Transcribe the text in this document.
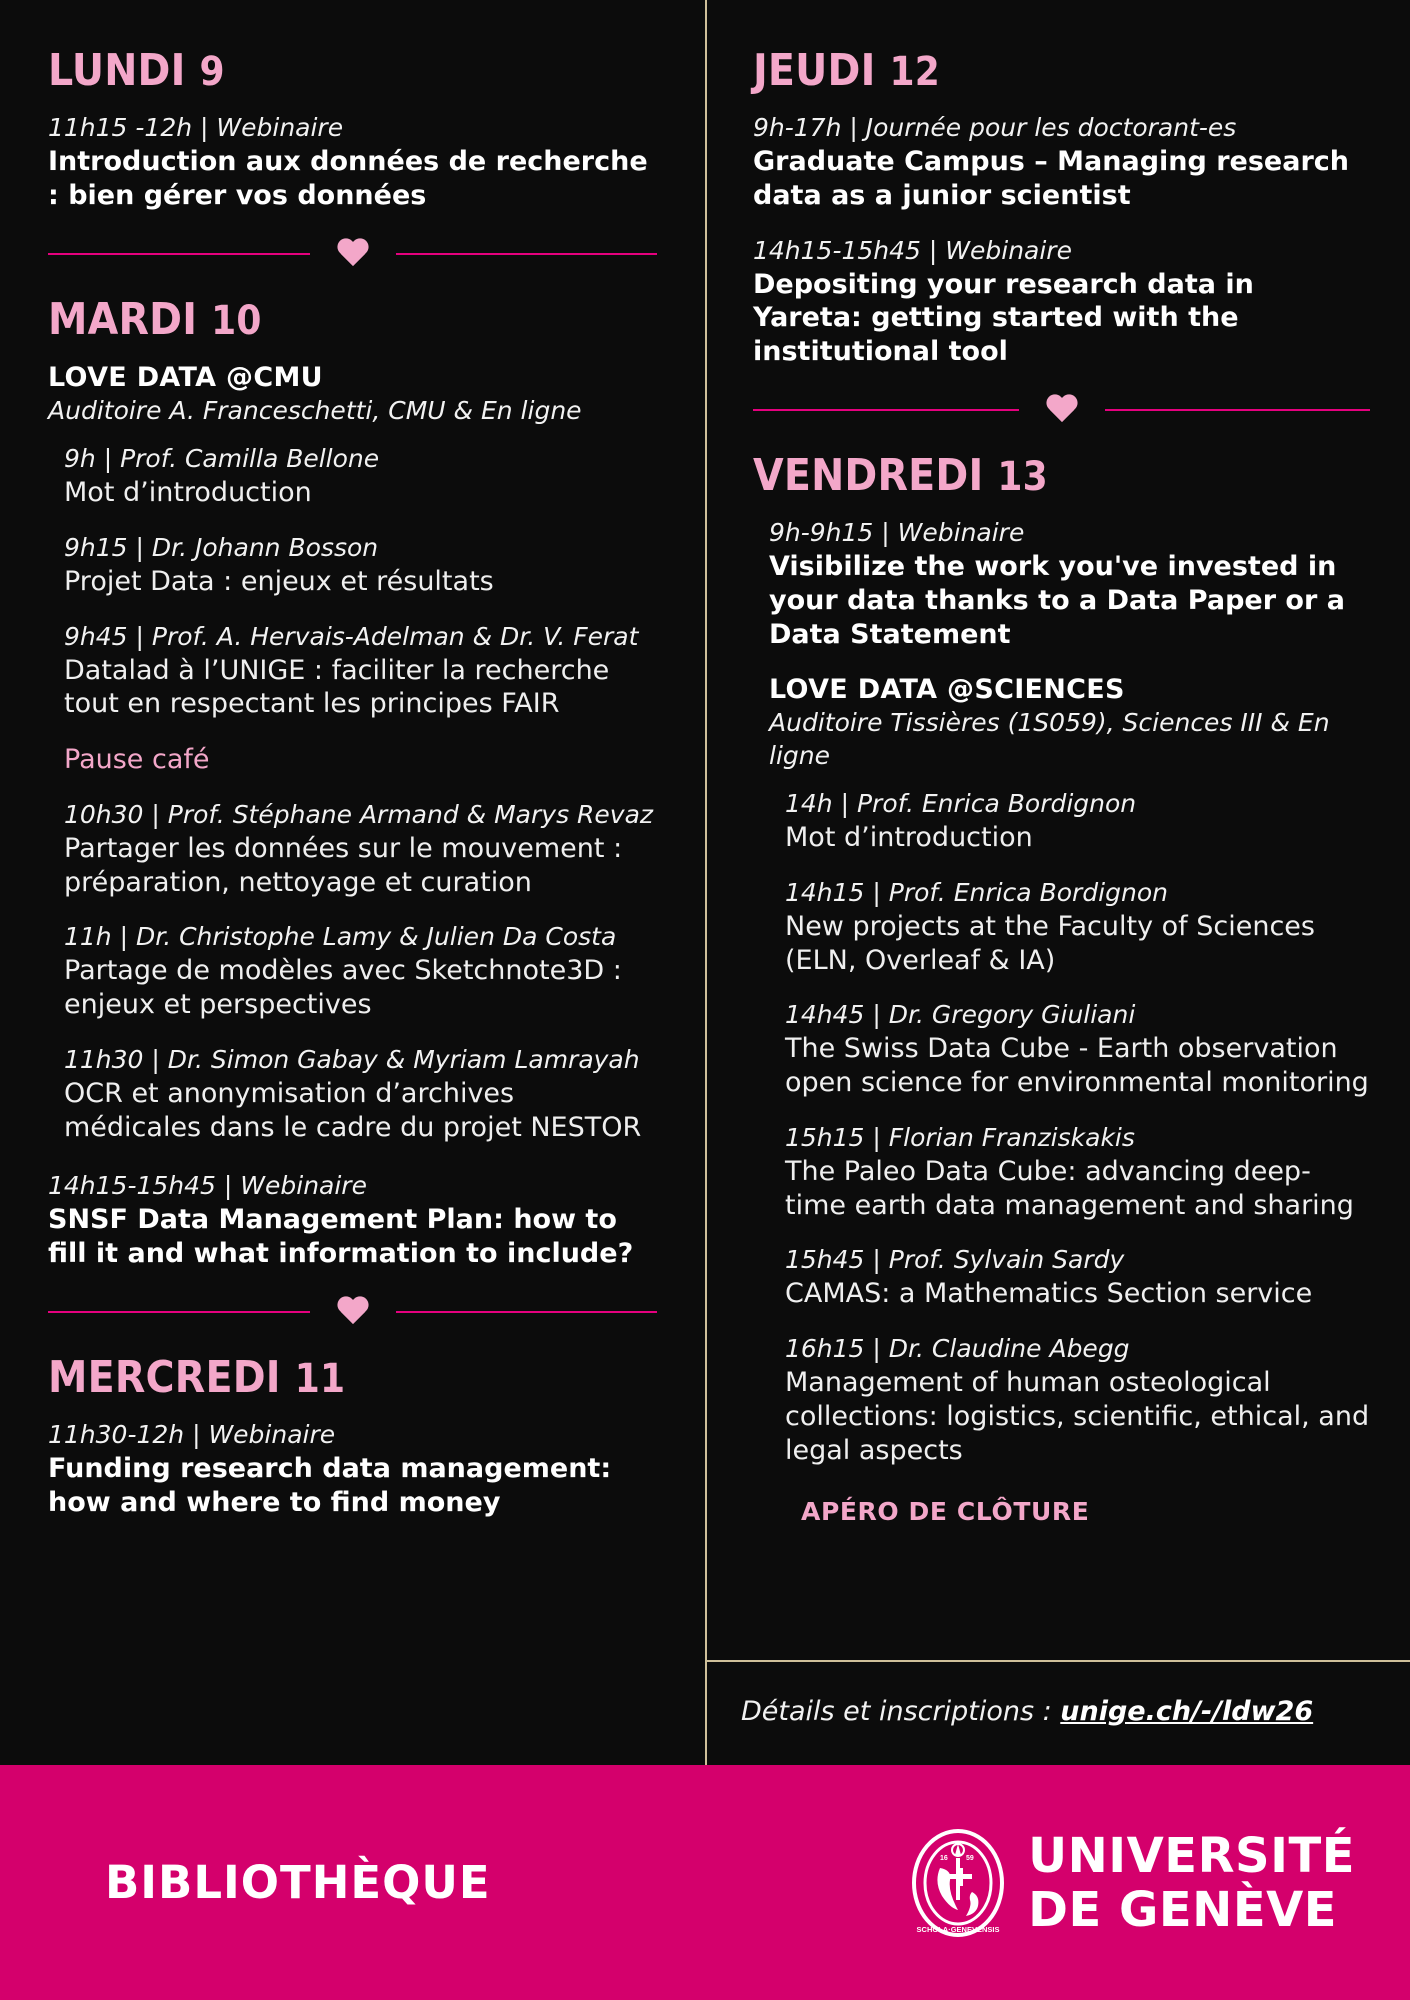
LUNDI 9
11h15 -12h | Webinaire
Introduction aux données de recherche : bien gérer vos données
MARDI 10
LOVE DATA @CMU
Auditoire A. Franceschetti, CMU & En ligne
9h | Prof. Camilla Bellone
Mot d’introduction
9h15 | Dr. Johann Bosson
Projet Data : enjeux et résultats
9h45 | Prof. A. Hervais-Adelman & Dr. V. Ferat
Datalad à l’UNIGE : faciliter la recherche tout en respectant les principes FAIR
Pause café
10h30 | Prof. Stéphane Armand & Marys Revaz
Partager les données sur le mouvement : préparation, nettoyage et curation
11h | Dr. Christophe Lamy & Julien Da Costa
Partage de modèles avec Sketchnote3D : enjeux et perspectives
11h30 | Dr. Simon Gabay & Myriam Lamrayah
OCR et anonymisation d’archives médicales dans le cadre du projet NESTOR
14h15-15h45 | Webinaire
SNSF Data Management Plan: how to fill it and what information to include?
MERCREDI 11
11h30-12h | Webinaire
Funding research data management: how and where to find money
JEUDI 12
9h-17h | Journée pour les doctorant-es
Graduate Campus – Managing research data as a junior scientist
14h15-15h45 | Webinaire
Depositing your research data in Yareta: getting started with the institutional tool
VENDREDI 13
9h-9h15 | Webinaire
Visibilize the work you've invested in your data thanks to a Data Paper or a Data Statement
LOVE DATA @SCIENCES
Auditoire Tissières (1S059), Sciences III & En ligne
14h | Prof. Enrica Bordignon
Mot d’introduction
14h15 | Prof. Enrica Bordignon
New projects at the Faculty of Sciences (ELN, Overleaf & IA)
14h45 | Dr. Gregory Giuliani
The Swiss Data Cube - Earth observation open science for environmental monitoring
15h15 | Florian Franziskakis
The Paleo Data Cube: advancing deep-time earth data management and sharing
15h45 | Prof. Sylvain Sardy
CAMAS: a Mathematics Section service
16h15 | Dr. Claudine Abegg
Management of human osteological collections: logistics, scientific, ethical, and legal aspects
APÉRO DE CLÔTURE
Détails et inscriptions : unige.ch/-/ldw26
BIBLIOTHÈQUE	16	59
SCHOLA·GENEVENSIS
UNIVERSITÉ
DE GENÈVE
